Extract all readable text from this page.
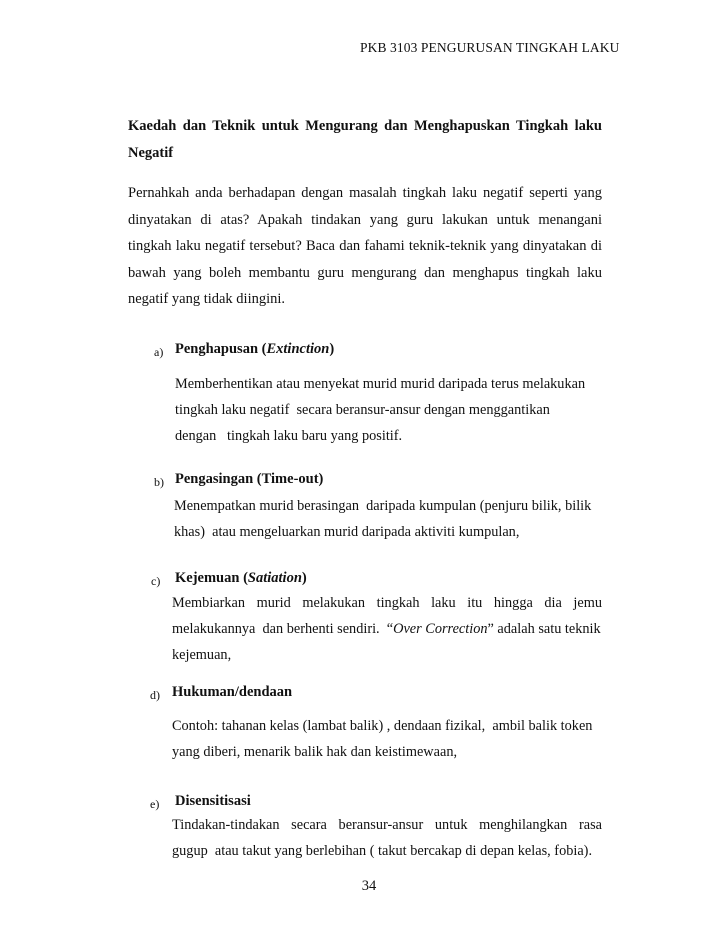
PKB 3103 PENGURUSAN TINGKAH LAKU
Kaedah dan Teknik untuk Mengurang dan Menghapuskan Tingkah laku Negatif
Pernahkah anda berhadapan dengan masalah tingkah laku negatif seperti yang dinyatakan di atas? Apakah tindakan yang guru lakukan untuk menangani tingkah laku negatif tersebut? Baca dan fahami teknik-teknik yang dinyatakan di bawah yang boleh membantu guru mengurang dan menghapus tingkah laku negatif yang tidak diingini.
a) Penghapusan (Extinction)
Memberhentikan atau menyekat murid murid daripada terus melakukan
tingkah laku negatif  secara beransur-ansur dengan menggantikan
dengan   tingkah laku baru yang positif.
b) Pengasingan (Time-out)
Menempatkan murid berasingan  daripada kumpulan (penjuru bilik, bilik
khas)  atau mengeluarkan murid daripada aktiviti kumpulan,
c) Kejemuan (Satiation)
Membiarkan murid melakukan tingkah laku itu hingga dia jemu
melakukannya  dan berhenti sendiri.  “Over Correction” adalah satu teknik
kejemuan,
d) Hukuman/dendaan
Contoh: tahanan kelas (lambat balik) , dendaan fizikal,  ambil balik token
yang diberi, menarik balik hak dan keistimewaan,
e) Disensitisasi
Tindakan-tindakan secara beransur-ansur untuk menghilangkan rasa
gugup  atau takut yang berlebihan ( takut bercakap di depan kelas, fobia).
34
